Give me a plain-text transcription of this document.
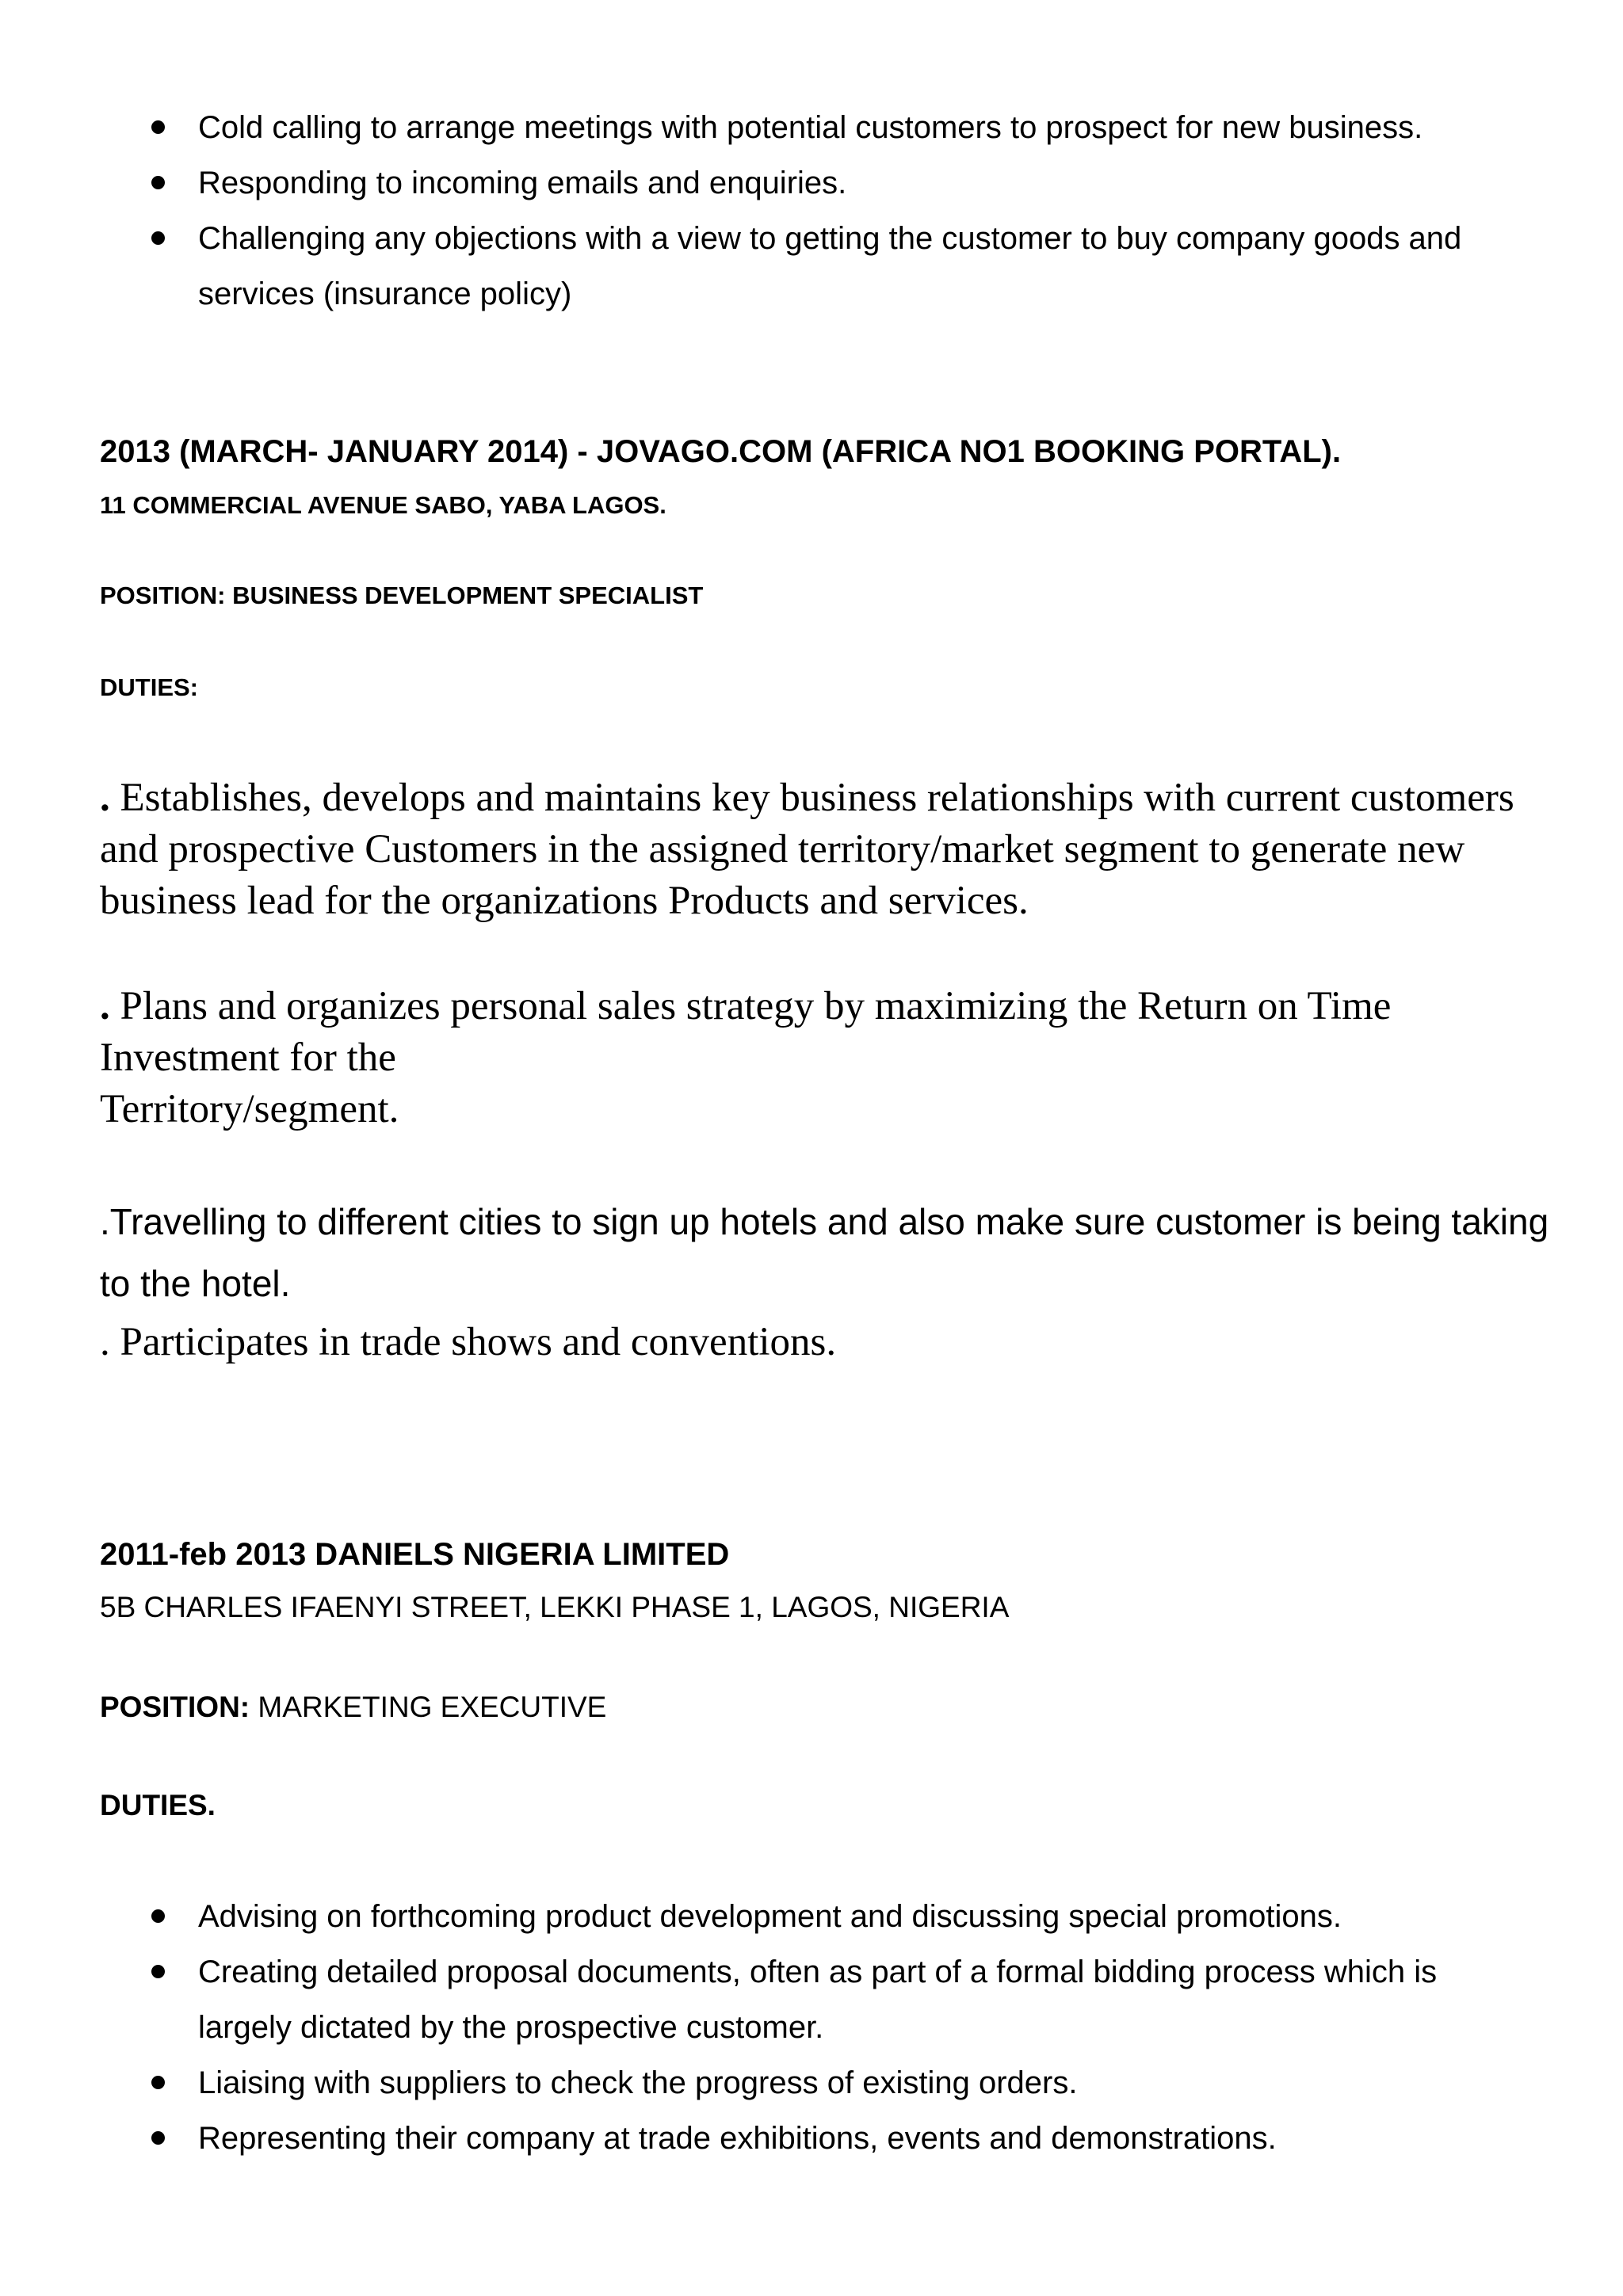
Cold calling to arrange meetings with potential customers to prospect for new business.
Responding to incoming emails and enquiries.
Challenging any objections with a view to getting the customer to buy company goods and services (insurance policy)

2013 (MARCH- JANUARY 2014) - JOVAGO.COM (AFRICA NO1 BOOKING PORTAL).

11 COMMERCIAL AVENUE SABO, YABA LAGOS.

POSITION: BUSINESS DEVELOPMENT SPECIALIST

DUTIES:

. Establishes, develops and maintains key business relationships with current customers and prospective Customers in the assigned territory/market segment to generate new business lead for the organizations Products and services.

. Plans and organizes personal sales strategy by maximizing the Return on Time Investment for the
Territory/segment.

.Travelling to different cities to sign up hotels and also make sure customer is being taking to the hotel.

. Participates in trade shows and conventions.

2011-feb 2013 DANIELS NIGERIA LIMITED

5B CHARLES IFAENYI STREET, LEKKI PHASE 1, LAGOS, NIGERIA

POSITION: MARKETING EXECUTIVE

DUTIES.

Advising on forthcoming product development and discussing special promotions.
Creating detailed proposal documents, often as part of a formal bidding process which is largely dictated by the prospective customer.
Liaising with suppliers to check the progress of existing orders.
Representing their company at trade exhibitions, events and demonstrations.
